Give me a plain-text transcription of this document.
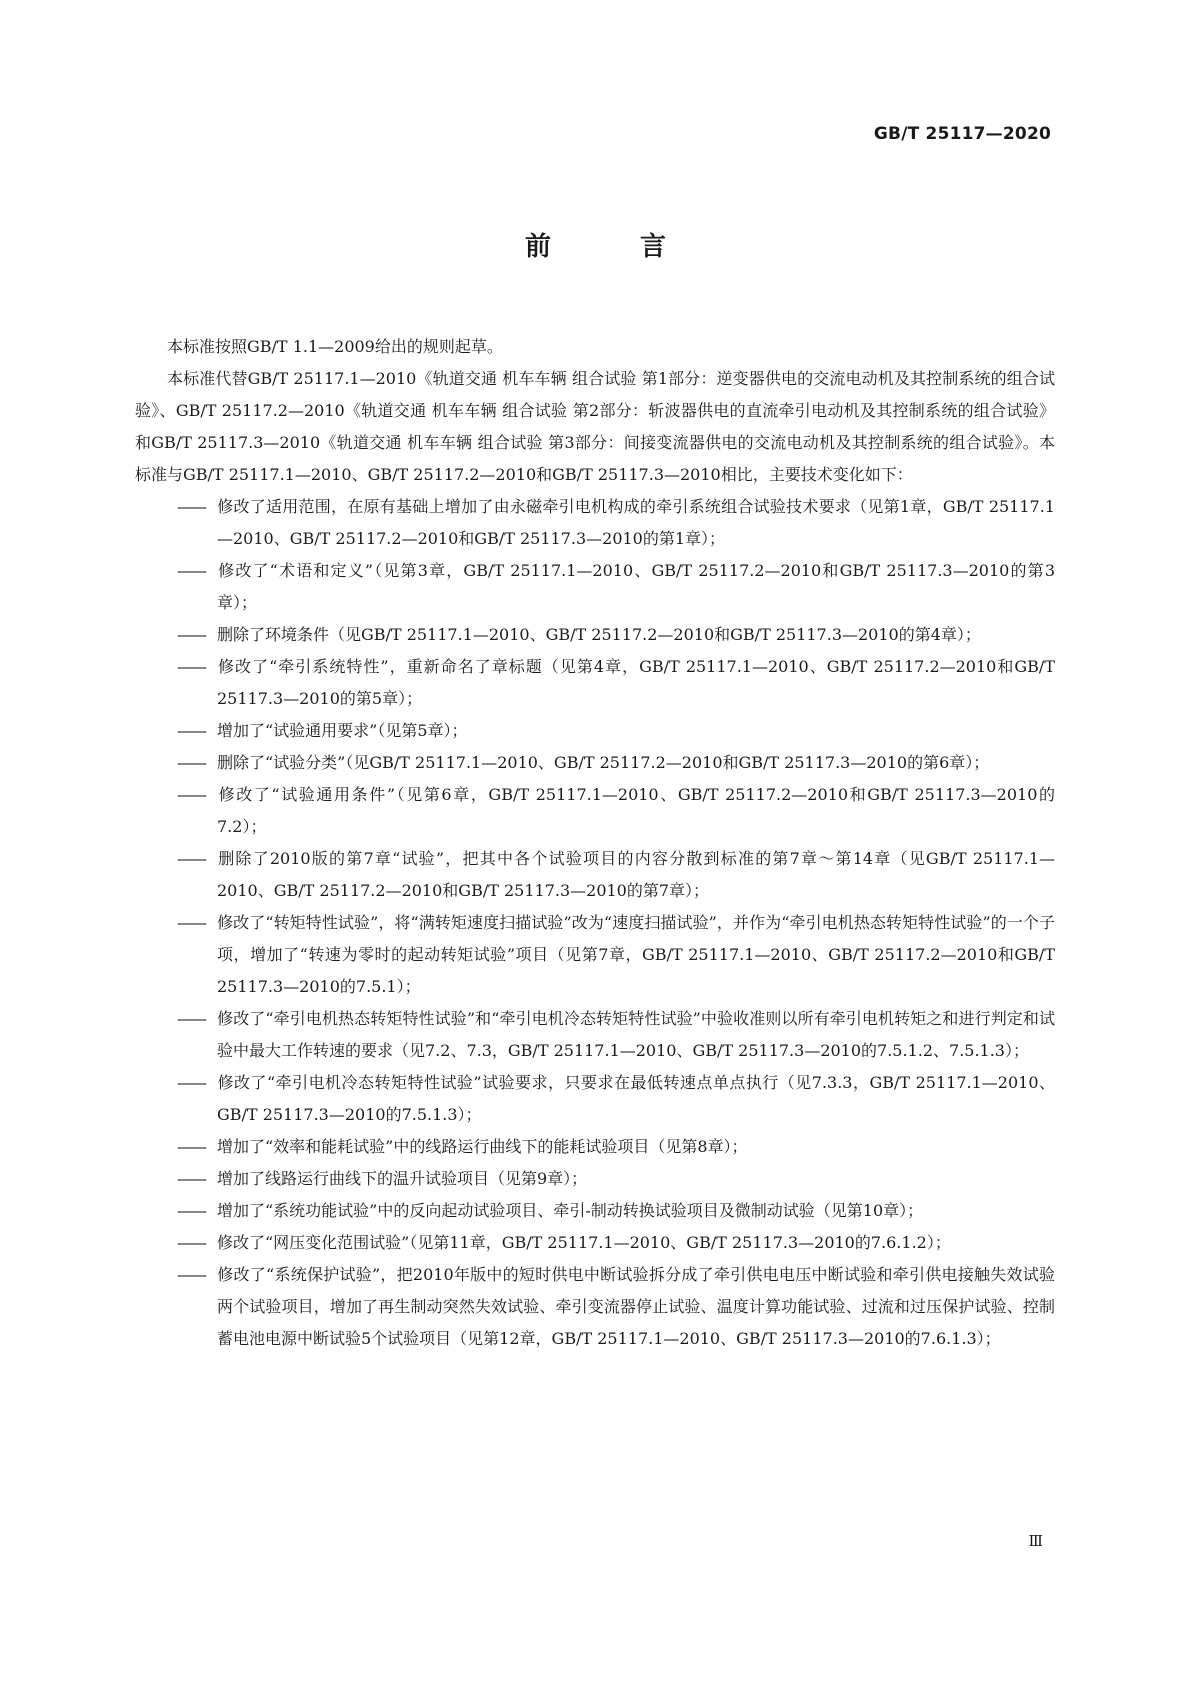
GB/T 25117—2020
前 言

本标准按照GB/T 1.1—2009给出的规则起草。

本标准代替GB/T 25117.1—2010《轨道交通 机车车辆 组合试验 第1部分：逆变器供电的交流电动机及其控制系统的组合试验》、GB/T 25117.2—2010《轨道交通 机车车辆 组合试验 第2部分：斩波器供电的直流牵引电动机及其控制系统的组合试验》和GB/T 25117.3—2010《轨道交通 机车车辆 组合试验 第3部分：间接变流器供电的交流电动机及其控制系统的组合试验》。本标准与GB/T 25117.1—2010、GB/T 25117.2—2010和GB/T 25117.3—2010相比，主要技术变化如下：

—— 修改了适用范围，在原有基础上增加了由永磁牵引电机构成的牵引系统组合试验技术要求（见第1章，GB/T 25117.1—2010、GB/T 25117.2—2010和GB/T 25117.3—2010的第1章）；

—— 修改了“术语和定义”（见第3章，GB/T 25117.1—2010、GB/T 25117.2—2010和GB/T 25117.3—2010的第3章）；

—— 删除了环境条件（见GB/T 25117.1—2010、GB/T 25117.2—2010和GB/T 25117.3—2010的第4章）；

—— 修改了“牵引系统特性”，重新命名了章标题（见第4章，GB/T 25117.1—2010、GB/T 25117.2—2010和GB/T 25117.3—2010的第5章）；

—— 增加了“试验通用要求”（见第5章）；

—— 删除了“试验分类”（见GB/T 25117.1—2010、GB/T 25117.2—2010和GB/T 25117.3—2010的第6章）；

—— 修改了“试验通用条件”（见第6章，GB/T 25117.1—2010、GB/T 25117.2—2010和GB/T 25117.3—2010的7.2）；

—— 删除了2010版的第7章“试验”，把其中各个试验项目的内容分散到标准的第7章～第14章（见GB/T 25117.1—2010、GB/T 25117.2—2010和GB/T 25117.3—2010的第7章）；

—— 修改了“转矩特性试验”，将“满转矩速度扫描试验”改为“速度扫描试验”，并作为“牵引电机热态转矩特性试验”的一个子项，增加了“转速为零时的起动转矩试验”项目（见第7章，GB/T 25117.1—2010、GB/T 25117.2—2010和GB/T 25117.3—2010的7.5.1）；

—— 修改了“牵引电机热态转矩特性试验”和“牵引电机冷态转矩特性试验”中验收准则以所有牵引电机转矩之和进行判定和试验中最大工作转速的要求（见7.2、7.3，GB/T 25117.1—2010、GB/T 25117.3—2010的7.5.1.2、7.5.1.3）；

—— 修改了“牵引电机冷态转矩特性试验”试验要求，只要求在最低转速点单点执行（见7.3.3，GB/T 25117.1—2010、GB/T 25117.3—2010的7.5.1.3）；

—— 增加了“效率和能耗试验”中的线路运行曲线下的能耗试验项目（见第8章）；

—— 增加了线路运行曲线下的温升试验项目（见第9章）；

—— 增加了“系统功能试验”中的反向起动试验项目、牵引-制动转换试验项目及微制动试验（见第10章）；

—— 修改了“网压变化范围试验”（见第11章，GB/T 25117.1—2010、GB/T 25117.3—2010的7.6.1.2）；

—— 修改了“系统保护试验”，把2010年版中的短时供电中断试验拆分成了牵引供电电压中断试验和牵引供电接触失效试验两个试验项目，增加了再生制动突然失效试验、牵引变流器停止试验、温度计算功能试验、过流和过压保护试验、控制蓄电池电源中断试验5个试验项目（见第12章，GB/T 25117.1—2010、GB/T 25117.3—2010的7.6.1.3）；

Ⅲ
